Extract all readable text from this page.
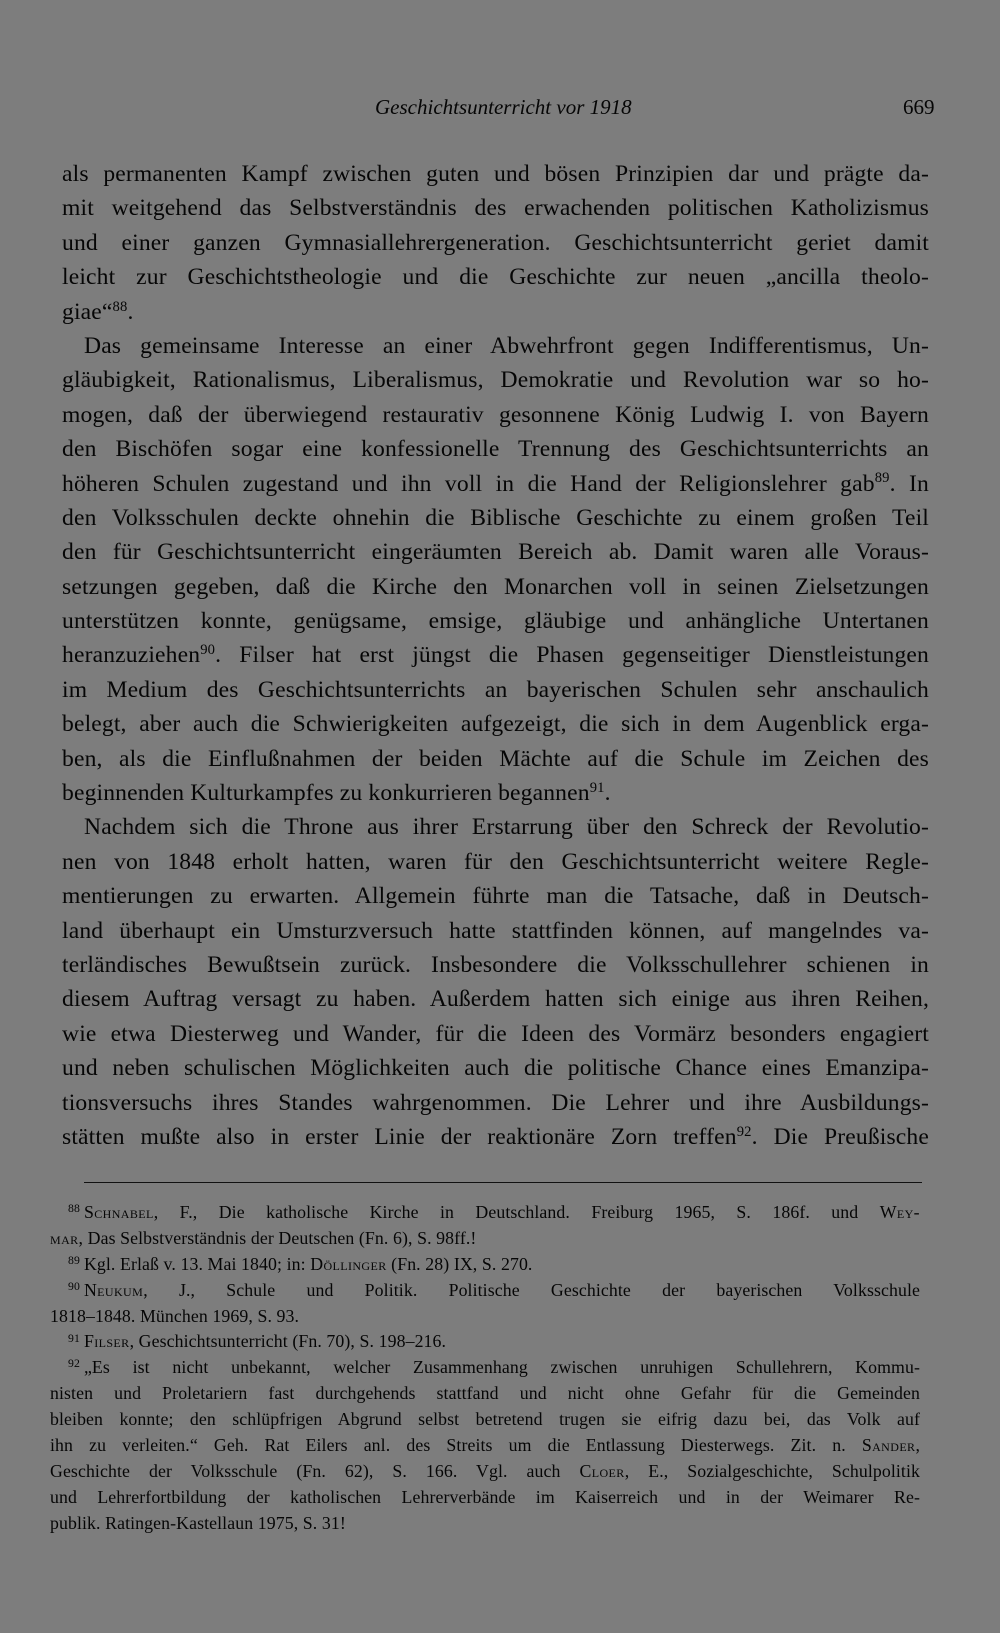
Geschichtsunterricht vor 1918	669
als permanenten Kampf zwischen guten und bösen Prinzipien dar und prägte da-
mit weitgehend das Selbstverständnis des erwachenden politischen Katholizismus
und einer ganzen Gymnasiallehrergeneration. Geschichtsunterricht geriet damit
leicht zur Geschichtstheologie und die Geschichte zur neuen „ancilla theolo-
giae“$^{88}$.
Das gemeinsame Interesse an einer Abwehrfront gegen Indifferentismus, Un-
gläubigkeit, Rationalismus, Liberalismus, Demokratie und Revolution war so ho-
mogen, daß der überwiegend restaurativ gesonnene König Ludwig I. von Bayern
den Bischöfen sogar eine konfessionelle Trennung des Geschichtsunterrichts an
höheren Schulen zugestand und ihn voll in die Hand der Religionslehrer gab$^{89}$. In
den Volksschulen deckte ohnehin die Biblische Geschichte zu einem großen Teil
den für Geschichtsunterricht eingeräumten Bereich ab. Damit waren alle Voraus-
setzungen gegeben, daß die Kirche den Monarchen voll in seinen Zielsetzungen
unterstützen konnte, genügsame, emsige, gläubige und anhängliche Untertanen
heranzuziehen$^{90}$. Filser hat erst jüngst die Phasen gegenseitiger Dienstleistungen
im Medium des Geschichtsunterrichts an bayerischen Schulen sehr anschaulich
belegt, aber auch die Schwierigkeiten aufgezeigt, die sich in dem Augenblick erga-
ben, als die Einflußnahmen der beiden Mächte auf die Schule im Zeichen des
beginnenden Kulturkampfes zu konkurrieren begannen$^{91}$.
Nachdem sich die Throne aus ihrer Erstarrung über den Schreck der Revolutio-
nen von 1848 erholt hatten, waren für den Geschichtsunterricht weitere Regle-
mentierungen zu erwarten. Allgemein führte man die Tatsache, daß in Deutsch-
land überhaupt ein Umsturzversuch hatte stattfinden können, auf mangelndes va-
terländisches Bewußtsein zurück. Insbesondere die Volksschullehrer schienen in
diesem Auftrag versagt zu haben. Außerdem hatten sich einige aus ihren Reihen,
wie etwa Diesterweg und Wander, für die Ideen des Vormärz besonders engagiert
und neben schulischen Möglichkeiten auch die politische Chance eines Emanzipa-
tionsversuchs ihres Standes wahrgenommen. Die Lehrer und ihre Ausbildungs-
stätten mußte also in erster Linie der reaktionäre Zorn treffen$^{92}$. Die Preußische
$^{88}$ Schnabel, F., Die katholische Kirche in Deutschland. Freiburg 1965, S. 186f. und Wey-
mar, Das Selbstverständnis der Deutschen (Fn. 6), S. 98ff.!
$^{89}$ Kgl. Erlaß v. 13. Mai 1840; in: Döllinger (Fn. 28) IX, S. 270.
$^{90}$ Neukum, J., Schule und Politik. Politische Geschichte der bayerischen Volksschule
1818–1848. München 1969, S. 93.
$^{91}$ Filser, Geschichtsunterricht (Fn. 70), S. 198–216.
$^{92}$ „Es ist nicht unbekannt, welcher Zusammenhang zwischen unruhigen Schullehrern, Kommu-
nisten und Proletariern fast durchgehends stattfand und nicht ohne Gefahr für die Gemeinden
bleiben konnte; den schlüpfrigen Abgrund selbst betretend trugen sie eifrig dazu bei, das Volk auf
ihn zu verleiten.“ Geh. Rat Eilers anl. des Streits um die Entlassung Diesterwegs. Zit. n. Sander,
Geschichte der Volksschule (Fn. 62), S. 166. Vgl. auch Cloer, E., Sozialgeschichte, Schulpolitik
und Lehrerfortbildung der katholischen Lehrerverbände im Kaiserreich und in der Weimarer Re-
publik. Ratingen-Kastellaun 1975, S. 31!
